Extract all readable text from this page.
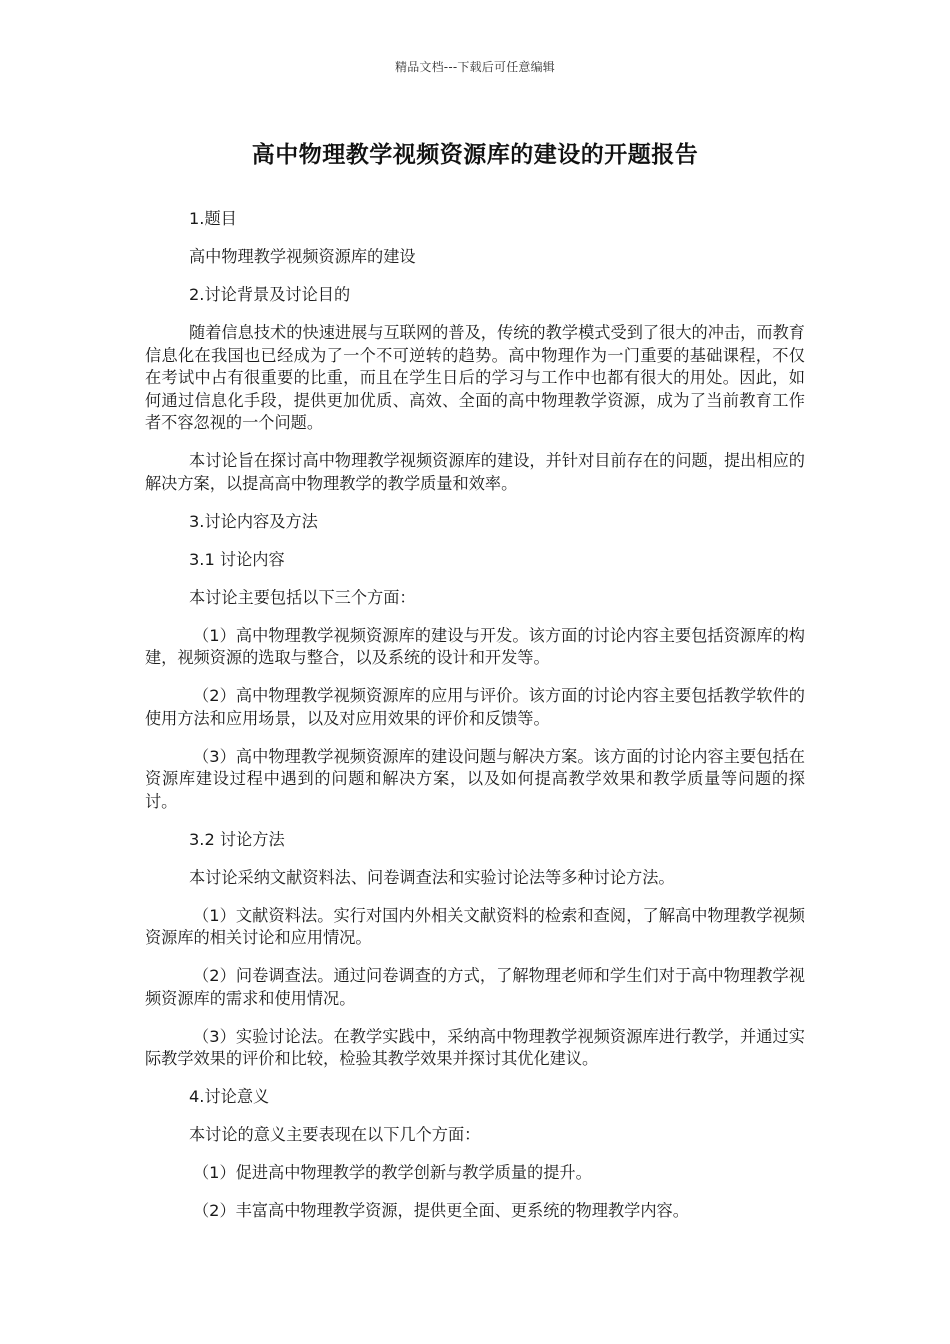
精品文档---下载后可任意编辑
高中物理教学视频资源库的建设的开题报告

1.题目

高中物理教学视频资源库的建设

2.讨论背景及讨论目的

随着信息技术的快速进展与互联网的普及，传统的教学模式受到了很大的冲击，而教育信息化在我国也已经成为了一个不可逆转的趋势。高中物理作为一门重要的基础课程，不仅在考试中占有很重要的比重，而且在学生日后的学习与工作中也都有很大的用处。因此，如何通过信息化手段，提供更加优质、高效、全面的高中物理教学资源，成为了当前教育工作者不容忽视的一个问题。

本讨论旨在探讨高中物理教学视频资源库的建设，并针对目前存在的问题，提出相应的解决方案，以提高高中物理教学的教学质量和效率。

3.讨论内容及方法

3.1 讨论内容

本讨论主要包括以下三个方面：

（1）高中物理教学视频资源库的建设与开发。该方面的讨论内容主要包括资源库的构建，视频资源的选取与整合，以及系统的设计和开发等。

（2）高中物理教学视频资源库的应用与评价。该方面的讨论内容主要包括教学软件的使用方法和应用场景，以及对应用效果的评价和反馈等。

（3）高中物理教学视频资源库的建设问题与解决方案。该方面的讨论内容主要包括在资源库建设过程中遇到的问题和解决方案，以及如何提高教学效果和教学质量等问题的探讨。

3.2 讨论方法

本讨论采纳文献资料法、问卷调查法和实验讨论法等多种讨论方法。

（1）文献资料法。实行对国内外相关文献资料的检索和查阅，了解高中物理教学视频资源库的相关讨论和应用情况。

（2）问卷调查法。通过问卷调查的方式，了解物理老师和学生们对于高中物理教学视频资源库的需求和使用情况。

（3）实验讨论法。在教学实践中，采纳高中物理教学视频资源库进行教学，并通过实际教学效果的评价和比较，检验其教学效果并探讨其优化建议。

4.讨论意义

本讨论的意义主要表现在以下几个方面：

（1）促进高中物理教学的教学创新与教学质量的提升。

（2）丰富高中物理教学资源，提供更全面、更系统的物理教学内容。
